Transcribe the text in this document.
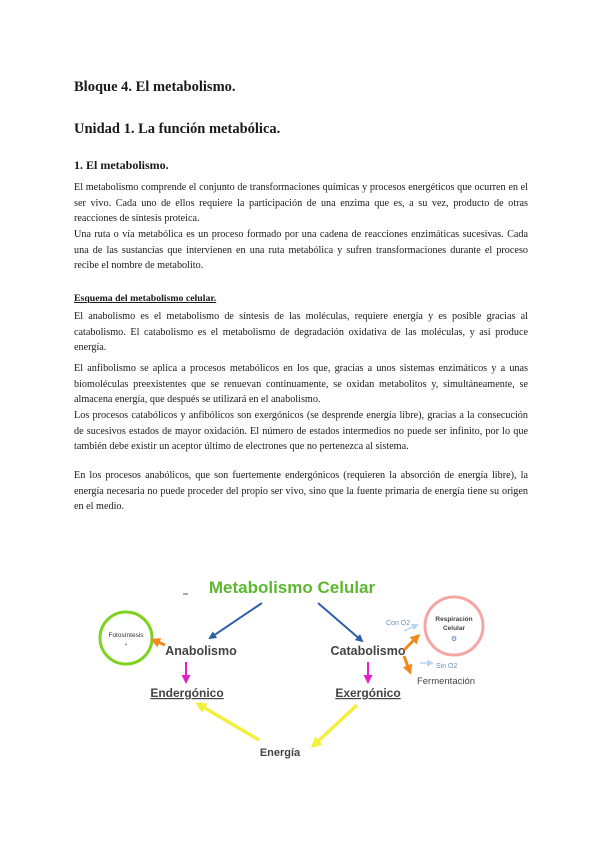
Bloque 4. El metabolismo.
Unidad 1. La función metabólica.
1. El metabolismo.

El metabolismo comprende el conjunto de transformaciones químicas y procesos energéticos que ocurren en el ser vivo. Cada uno de ellos requiere la participación de una enzima que es, a su vez, producto de otras reacciones de síntesis proteica.

Una ruta o vía metabólica es un proceso formado por una cadena de reacciones enzimáticas sucesivas. Cada una de las sustancias que intervienen en una ruta metabólica y sufren transformaciones durante el proceso recibe el nombre de metabolito.

Esquema del metabolismo celular.

El anabolismo es el metabolismo de síntesis de las moléculas, requiere energía y es posible gracias al catabolismo. El catabolismo es el metabolismo de degradación oxidativa de las moléculas, y así produce energía.

El anfibolismo se aplica a procesos metabólicos en los que, gracias a unos sistemas enzimáticos y a unas biomoléculas preexistentes que se renuevan continuamente, se oxidan metabolitos y, simultáneamente, se almacena energía, que después se utilizará en el anabolismo.

Los procesos catabólicos y anfibólicos son exergónicos (se desprende energía libre), gracias a la consecución de sucesivos estados de mayor oxidación. El número de estados intermedios no puede ser infinito, por lo que también debe existir un aceptor último de electrones que no pertenezca al sistema.

En los procesos anabólicos, que son fuertemente endergónicos (requieren la absorción de energía libre), la energía necesaria no puede proceder del propio ser vivo, sino que la fuente primaria de energía tiene su origen en el medio.

Metabolismo Celular
Fotosíntesis
▪	Anabolismo	Catabolismo
Endergónico	Exergónico
Energía
Respiración
Celular
⚙
Con O2
Sin O2
Fermentación
